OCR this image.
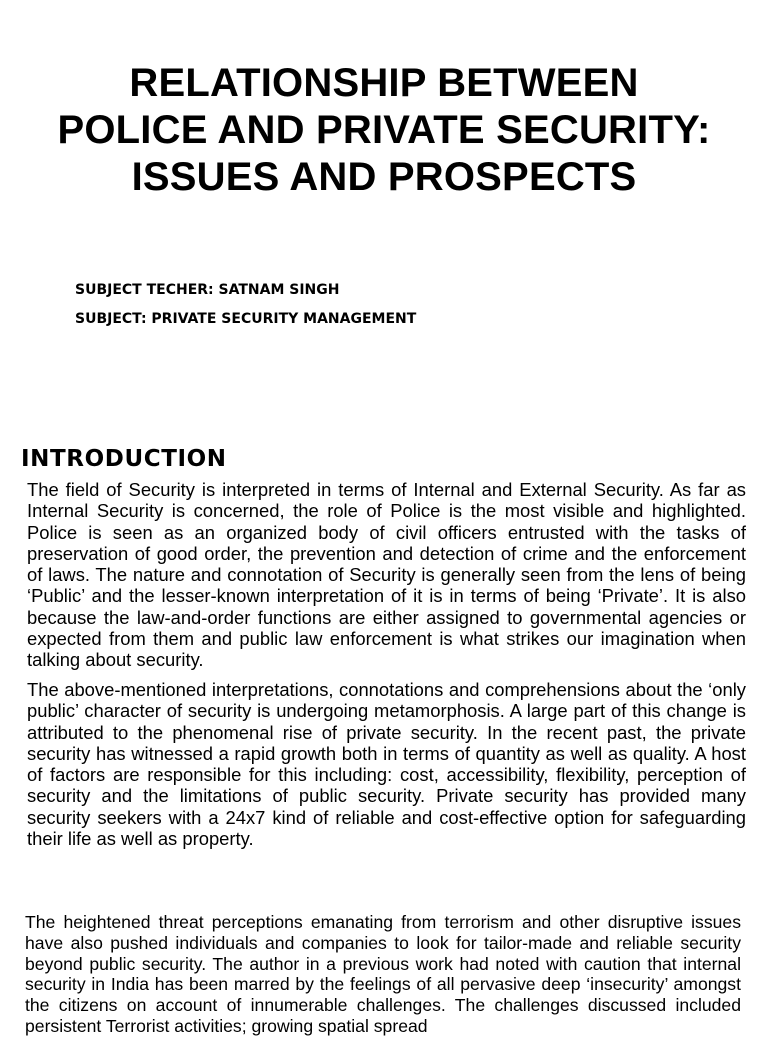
RELATIONSHIP BETWEEN
POLICE AND PRIVATE SECURITY:
ISSUES AND PROSPECTS
SUBJECT TECHER: SATNAM SINGH
SUBJECT: PRIVATE SECURITY MANAGEMENT
INTRODUCTION

The field of Security is interpreted in terms of Internal and External Security. As far as Internal Security is concerned, the role of Police is the most visible and highlighted. Police is seen as an organized body of civil officers entrusted with the tasks of preservation of good order, the prevention and detection of crime and the enforcement of laws. The nature and connotation of Security is generally seen from the lens of being ‘Public’ and the lesser-known interpretation of it is in terms of being ‘Private’. It is also because the law-and-order functions are either assigned to governmental agencies or expected from them and public law enforcement is what strikes our imagination when talking about security.

The above-mentioned interpretations, connotations and comprehensions about the ‘only public’ character of security is undergoing metamorphosis. A large part of this change is attributed to the phenomenal rise of private security. In the recent past, the private security has witnessed a rapid growth both in terms of quantity as well as quality. A host of factors are responsible for this including: cost, accessibility, flexibility, perception of security and the limitations of public security. Private security has provided many security seekers with a 24x7 kind of reliable and cost-effective option for safeguarding their life as well as property.

The heightened threat perceptions emanating from terrorism and other disruptive issues have also pushed individuals and companies to look for tailor-made and reliable security beyond public security. The author in a previous work had noted with caution that internal security in India has been marred by the feelings of all pervasive deep ‘insecurity’ amongst the citizens on account of innumerable challenges. The challenges discussed included persistent Terrorist activities; growing spatial spread
